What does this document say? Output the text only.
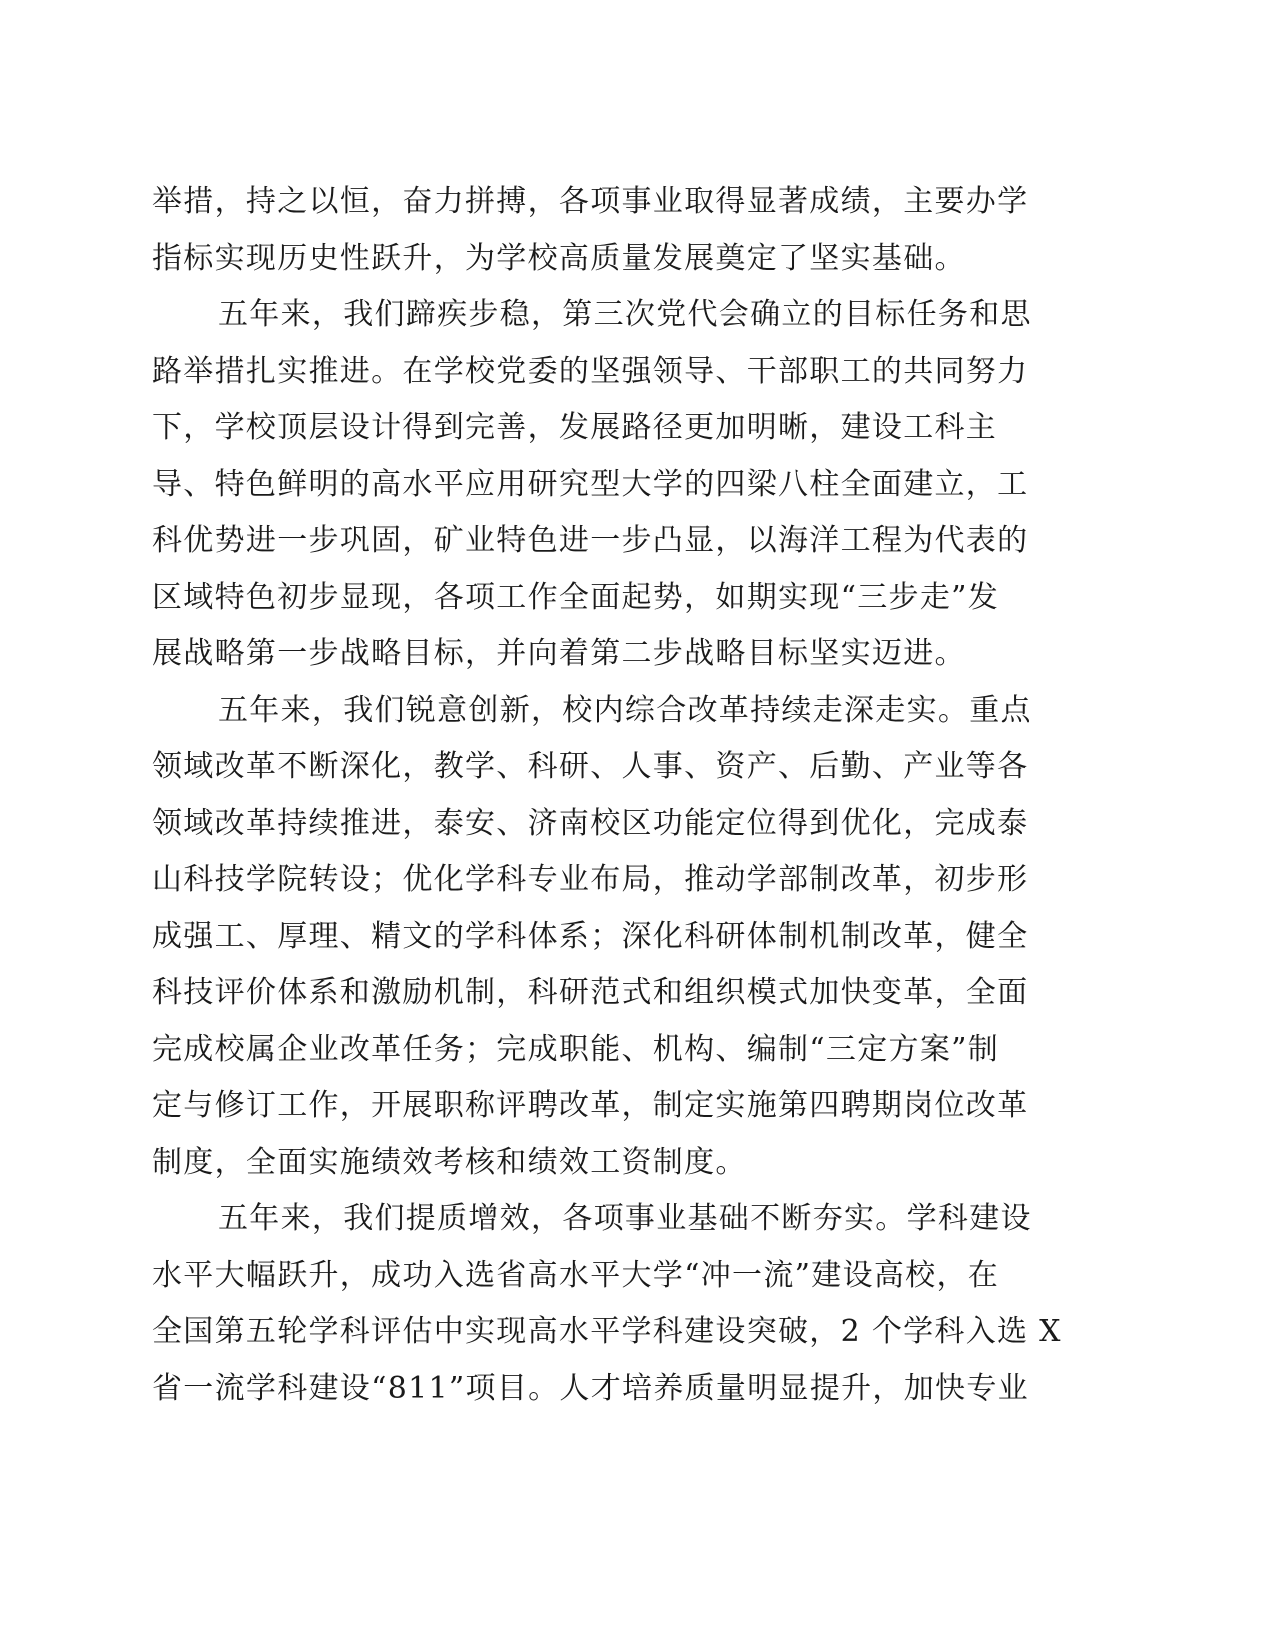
举措，持之以恒，奋力拼搏，各项事业取得显著成绩，主要办学
指标实现历史性跃升，为学校高质量发展奠定了坚实基础。
五年来，我们蹄疾步稳，第三次党代会确立的目标任务和思
路举措扎实推进。在学校党委的坚强领导、干部职工的共同努力
下，学校顶层设计得到完善，发展路径更加明晰，建设工科主
导、特色鲜明的高水平应用研究型大学的四梁八柱全面建立，工
科优势进一步巩固，矿业特色进一步凸显，以海洋工程为代表的
区域特色初步显现，各项工作全面起势，如期实现“三步走”发
展战略第一步战略目标，并向着第二步战略目标坚实迈进。
五年来，我们锐意创新，校内综合改革持续走深走实。重点
领域改革不断深化，教学、科研、人事、资产、后勤、产业等各
领域改革持续推进，泰安、济南校区功能定位得到优化，完成泰
山科技学院转设；优化学科专业布局，推动学部制改革，初步形
成强工、厚理、精文的学科体系；深化科研体制机制改革，健全
科技评价体系和激励机制，科研范式和组织模式加快变革，全面
完成校属企业改革任务；完成职能、机构、编制“三定方案”制
定与修订工作，开展职称评聘改革，制定实施第四聘期岗位改革
制度，全面实施绩效考核和绩效工资制度。
五年来，我们提质增效，各项事业基础不断夯实。学科建设
水平大幅跃升，成功入选省高水平大学“冲一流”建设高校，在
全国第五轮学科评估中实现高水平学科建设突破，2 个学科入选 X
省一流学科建设“811”项目。人才培养质量明显提升，加快专业
